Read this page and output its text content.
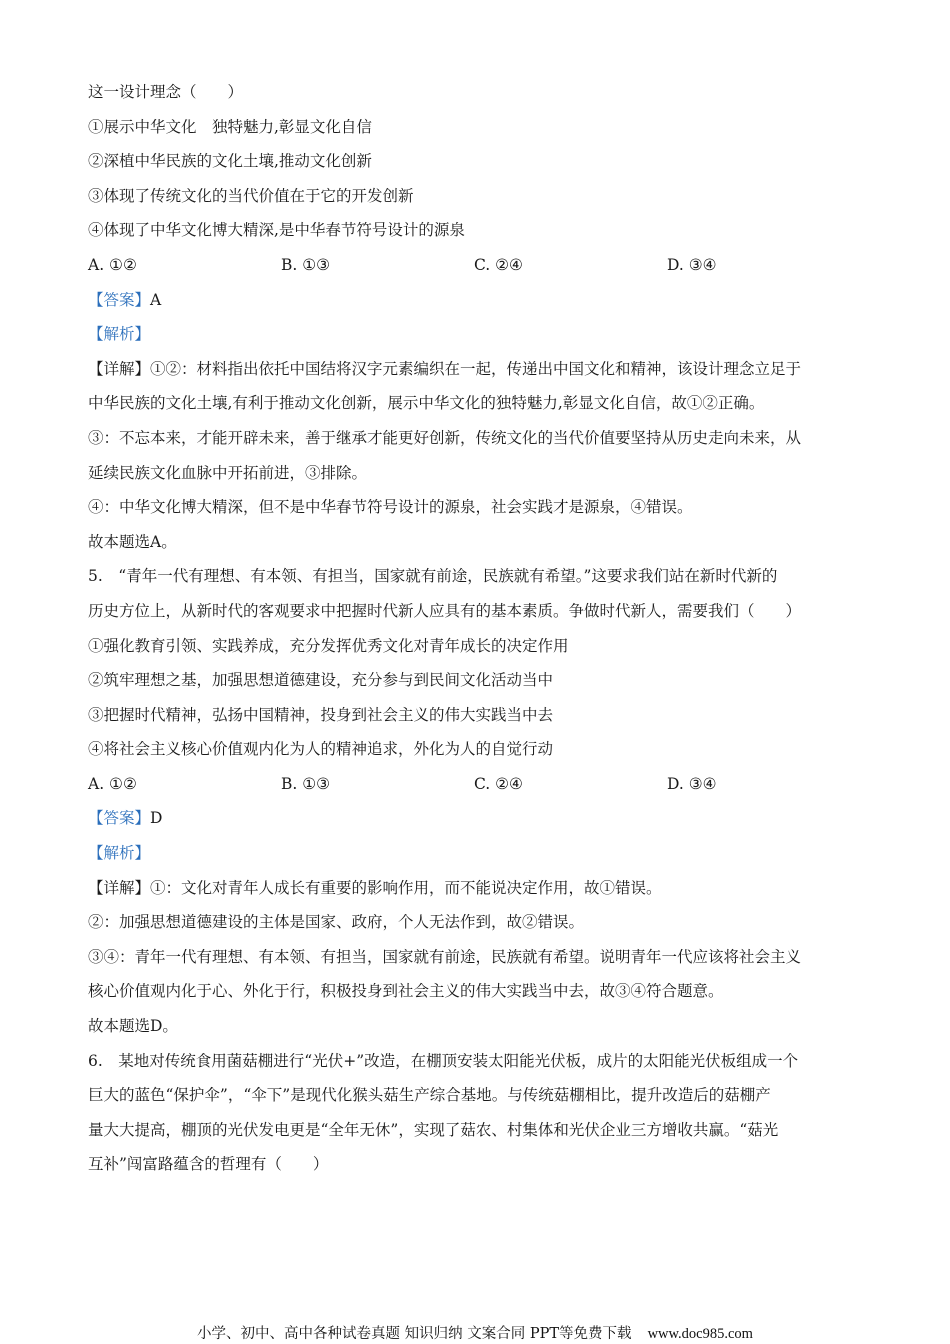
这一设计理念（　　）
①展示中华文化　独特魅力,彰显文化自信
②深植中华民族的文化土壤,推动文化创新
③体现了传统文化的当代价值在于它的开发创新
④体现了中华文化博大精深,是中华春节符号设计的源泉
A. ①②	B. ①③	C. ②④	D. ③④
【答案】A
【解析】
【详解】①②：材料指出依托中国结将汉字元素编织在一起，传递出中国文化和精神，该设计理念立足于
中华民族的文化土壤,有利于推动文化创新，展示中华文化的独特魅力,彰显文化自信，故①②正确。
③：不忘本来，才能开辟未来，善于继承才能更好创新，传统文化的当代价值要坚持从历史走向未来，从
延续民族文化血脉中开拓前进，③排除。
④：中华文化博大精深，但不是中华春节符号设计的源泉，社会实践才是源泉，④错误。
故本题选A。
5.　“青年一代有理想、有本领、有担当，国家就有前途，民族就有希望。”这要求我们站在新时代新的
历史方位上，从新时代的客观要求中把握时代新人应具有的基本素质。争做时代新人，需要我们（　　）
①强化教育引领、实践养成，充分发挥优秀文化对青年成长的决定作用
②筑牢理想之基，加强思想道德建设，充分参与到民间文化活动当中
③把握时代精神，弘扬中国精神，投身到社会主义的伟大实践当中去
④将社会主义核心价值观内化为人的精神追求，外化为人的自觉行动
A. ①②	B. ①③	C. ②④	D. ③④
【答案】D
【解析】
【详解】①：文化对青年人成长有重要的影响作用，而不能说决定作用，故①错误。
②：加强思想道德建设的主体是国家、政府，个人无法作到，故②错误。
③④：青年一代有理想、有本领、有担当，国家就有前途，民族就有希望。说明青年一代应该将社会主义
核心价值观内化于心、外化于行，积极投身到社会主义的伟大实践当中去，故③④符合题意。
故本题选D。
6.　某地对传统食用菌菇棚进行“光伏+”改造，在棚顶安装太阳能光伏板，成片的太阳能光伏板组成一个
巨大的蓝色“保护伞”，“伞下”是现代化猴头菇生产综合基地。与传统菇棚相比，提升改造后的菇棚产
量大大提高，棚顶的光伏发电更是“全年无休”，实现了菇农、村集体和光伏企业三方增收共赢。“菇光
互补”闯富路蕴含的哲理有（　　）
小学、初中、高中各种试卷真题 知识归纳 文案合同 PPT等免费下载 www.doc985.com
